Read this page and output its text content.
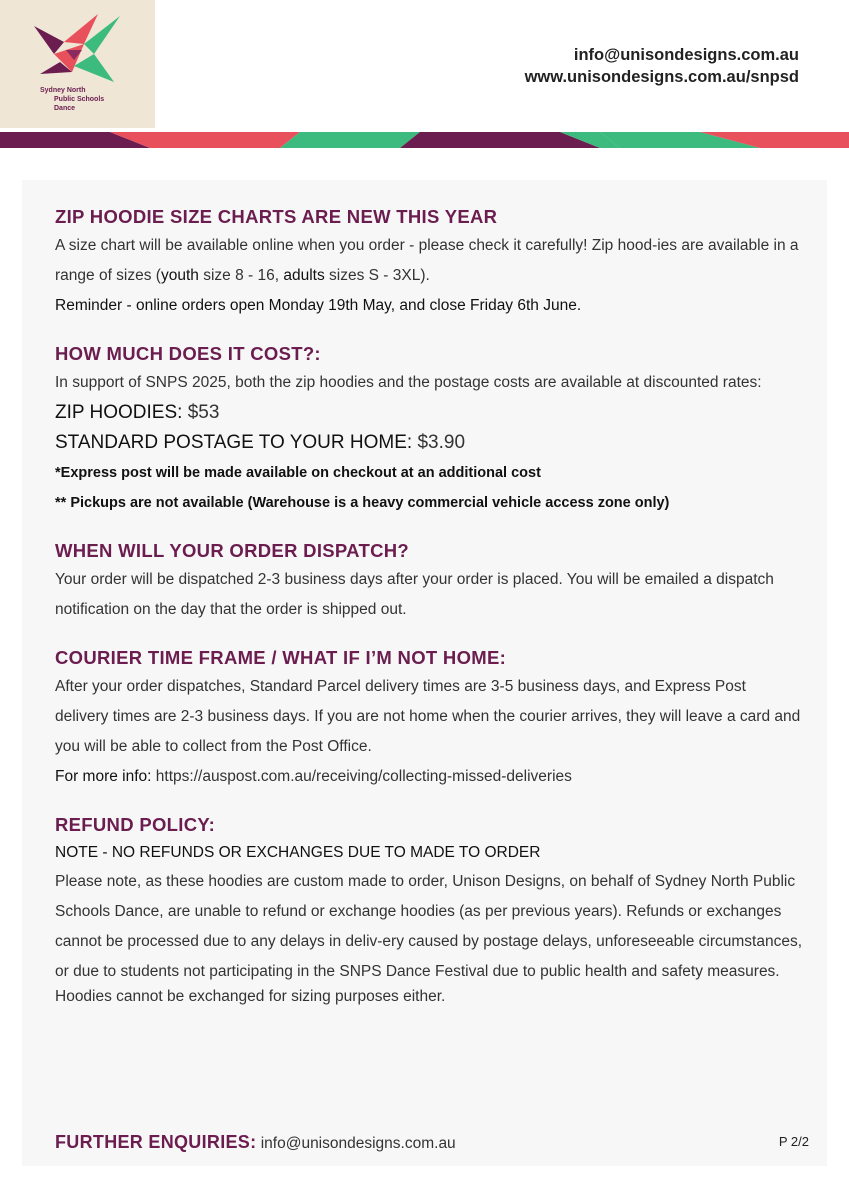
Sydney North
Public Schools
Dance
info@unisondesigns.com.au
www.unisondesigns.com.au/snpsd
ZIP HOODIE SIZE CHARTS ARE NEW THIS YEAR

A size chart will be available online when you order - please check it carefully! Zip hood-ies are available in a range of sizes (youth size 8 - 16, adults sizes S - 3XL).

Reminder - online orders open Monday 19th May, and close Friday 6th June.

HOW MUCH DOES IT COST?:

In support of SNPS 2025, both the zip hoodies and the postage costs are available at discounted rates:

ZIP HOODIES: $53

STANDARD POSTAGE TO YOUR HOME: $3.90

*Express post will be made available on checkout at an additional cost

** Pickups are not available (Warehouse is a heavy commercial vehicle access zone only)

WHEN WILL YOUR ORDER DISPATCH?

Your order will be dispatched 2-3 business days after your order is placed. You will be emailed a dispatch notification on the day that the order is shipped out.

COURIER TIME FRAME / WHAT IF I’M NOT HOME:

After your order dispatches, Standard Parcel delivery times are 3-5 business days, and Express Post delivery times are 2-3 business days. If you are not home when the courier arrives, they will leave a card and you will be able to collect from the Post Office.

For more info: https://auspost.com.au/receiving/collecting-missed-deliveries

REFUND POLICY:

NOTE - NO REFUNDS OR EXCHANGES DUE TO MADE TO ORDER

Please note, as these hoodies are custom made to order, Unison Designs, on behalf of Sydney North Public Schools Dance, are unable to refund or exchange hoodies (as per previous years). Refunds or exchanges cannot be processed due to any delays in deliv-ery caused by postage delays, unforeseeable circumstances, or due to students not participating in the SNPS Dance Festival due to public health and safety measures.

Hoodies cannot be exchanged for sizing purposes either.

FURTHER ENQUIRIES: info@unisondesigns.com.au	P 2/2
